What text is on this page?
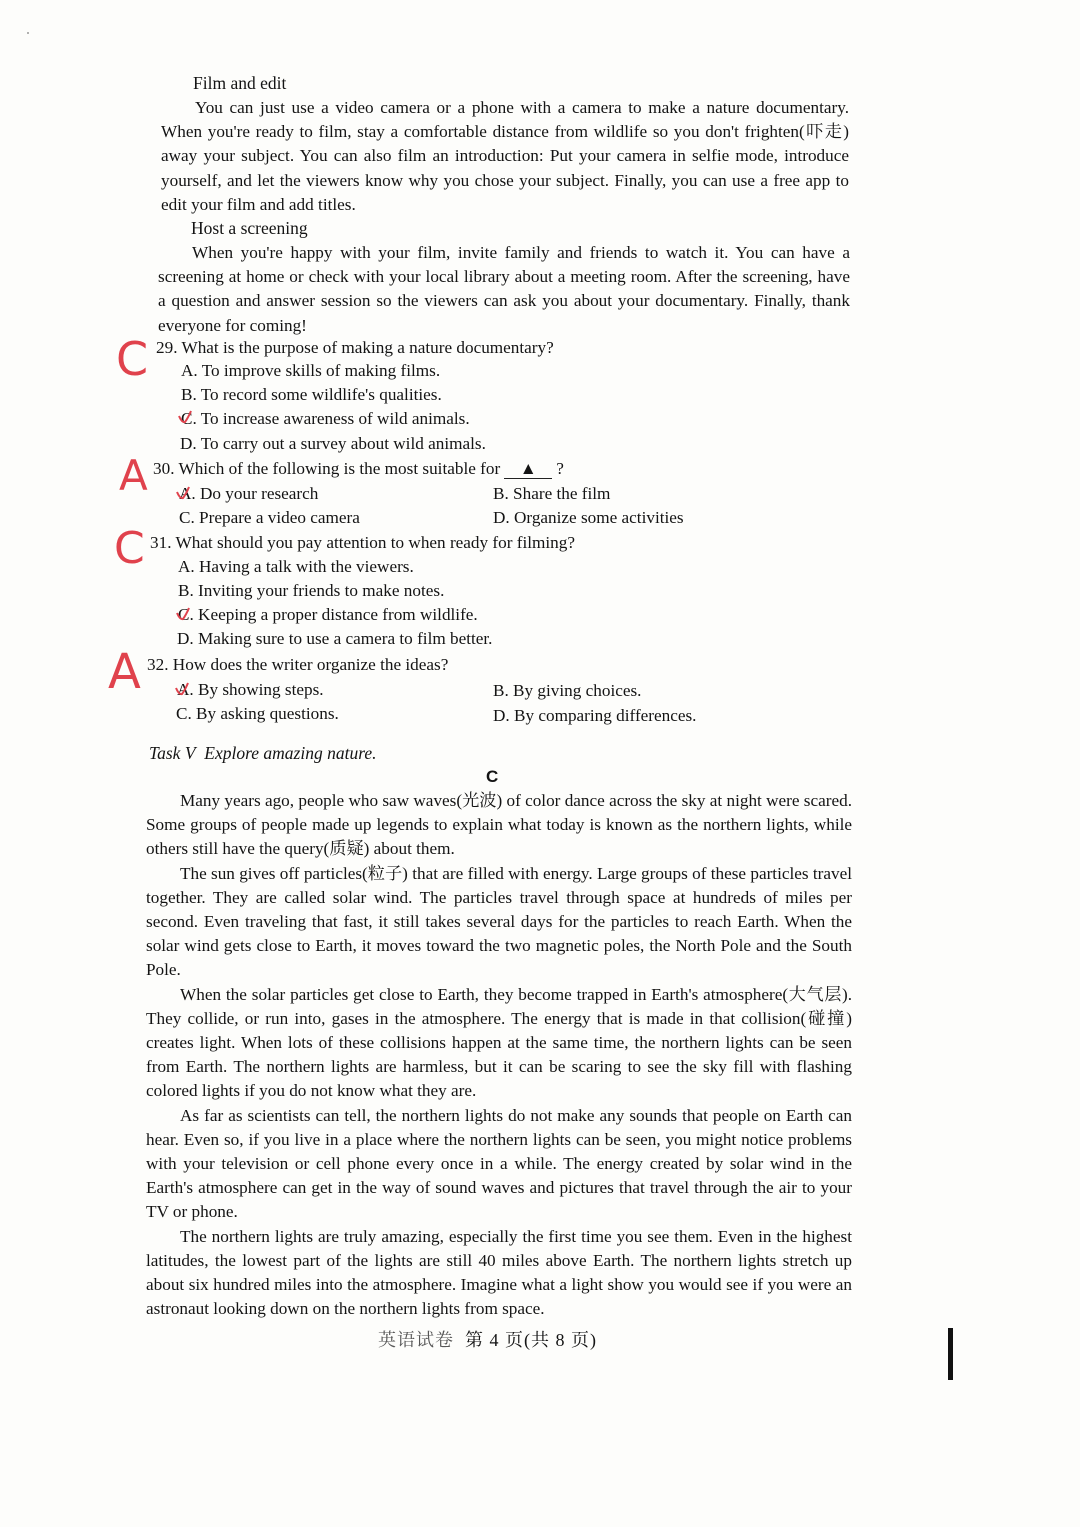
Film and edit

You can just use a video camera or a phone with a camera to make a nature documentary. When you're ready to film, stay a comfortable distance from wildlife so you don't frighten(吓走) away your subject. You can also film an introduction: Put your camera in selfie mode, introduce yourself, and let the viewers know why you chose your subject. Finally, you can use a free app to edit your film and add titles.

Host a screening

When you're happy with your film, invite family and friends to watch it. You can have a screening at home or check with your local library about a meeting room. After the screening, have a question and answer session so the viewers can ask you about your documentary. Finally, thank everyone for coming!

C 29. What is the purpose of making a nature documentary?
A. To improve skills of making films.
B. To record some wildlife's qualities.
C. To increase awareness of wild animals.
D. To carry out a survey about wild animals.
A 30. Which of the following is the most suitable for ▲ ?
A. Do your research	B. Share the film
C. Prepare a video camera	D. Organize some activities
C 31. What should you pay attention to when ready for filming?
A. Having a talk with the viewers.
B. Inviting your friends to make notes.
C. Keeping a proper distance from wildlife.
D. Making sure to use a camera to film better.
A 32. How does the writer organize the ideas?
A. By showing steps.	B. By giving choices.
C. By asking questions.	D. By comparing differences.
Task V Explore amazing nature.
C

Many years ago, people who saw waves(光波) of color dance across the sky at night were scared. Some groups of people made up legends to explain what today is known as the northern lights, while others still have the query(质疑) about them.

The sun gives off particles(粒子) that are filled with energy. Large groups of these particles travel together. They are called solar wind. The particles travel through space at hundreds of miles per second. Even traveling that fast, it still takes several days for the particles to reach Earth. When the solar wind gets close to Earth, it moves toward the two magnetic poles, the North Pole and the South Pole.

When the solar particles get close to Earth, they become trapped in Earth's atmosphere(大气层). They collide, or run into, gases in the atmosphere. The energy that is made in that collision(碰撞) creates light. When lots of these collisions happen at the same time, the northern lights can be seen from Earth. The northern lights are harmless, but it can be scaring to see the sky fill with flashing colored lights if you do not know what they are.

As far as scientists can tell, the northern lights do not make any sounds that people on Earth can hear. Even so, if you live in a place where the northern lights can be seen, you might notice problems with your television or cell phone every once in a while. The energy created by solar wind in the Earth's atmosphere can get in the way of sound waves and pictures that travel through the air to your TV or phone.

The northern lights are truly amazing, especially the first time you see them. Even in the highest latitudes, the lowest part of the lights are still 40 miles above Earth. The northern lights stretch up about six hundred miles into the atmosphere. Imagine what a light show you would see if you were an astronaut looking down on the northern lights from space.

英语试卷 第 4 页(共 8 页)
